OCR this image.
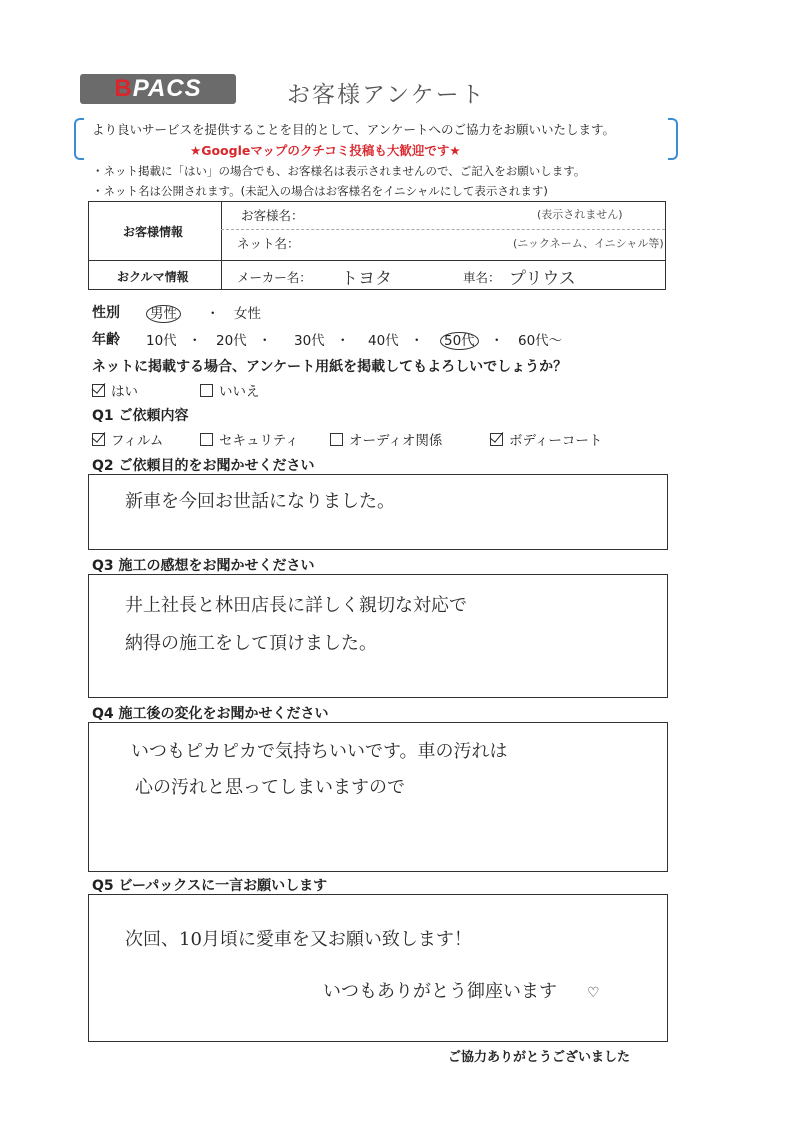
BPACS	お客様アンケート
より良いサービスを提供することを目的として、アンケートへのご協力をお願いいたします。
★Googleマップのクチコミ投稿も大歓迎です★
・ネット掲載に「はい」の場合でも、お客様名は表示されませんので、ご記入をお願いします。
・ネット名は公開されます。(未記入の場合はお客様名をイニシャルにして表示されます)
お客様情報
お客様名：	(表示されません)
ネット名：	(ニックネーム、イニシャル等)
おクルマ情報	メーカー名： トヨタ	車名： プリウス
性別 男性 ・ 女性
年齢 10代 ・ 20代 ・ 30代 ・ 40代 ・ 50代 ・ 60代～
ネットに掲載する場合、アンケート用紙を掲載してもよろしいでしょうか？
はい	いいえ
Q1 ご依頼内容
フィルム	セキュリティ	オーディオ関係	ボディーコート
Q2 ご依頼目的をお聞かせください
新車を今回お世話になりました。
Q3 施工の感想をお聞かせください
井上社長と林田店長に詳しく親切な対応で
納得の施工をして頂けました。
Q4 施工後の変化をお聞かせください
いつもピカピカで気持ちいいです。車の汚れは
心の汚れと思ってしまいますので
Q5 ビーパックスに一言お願いします
次回、10月頃に愛車を又お願い致します！
いつもありがとう御座います ♡
ご協力ありがとうございました
